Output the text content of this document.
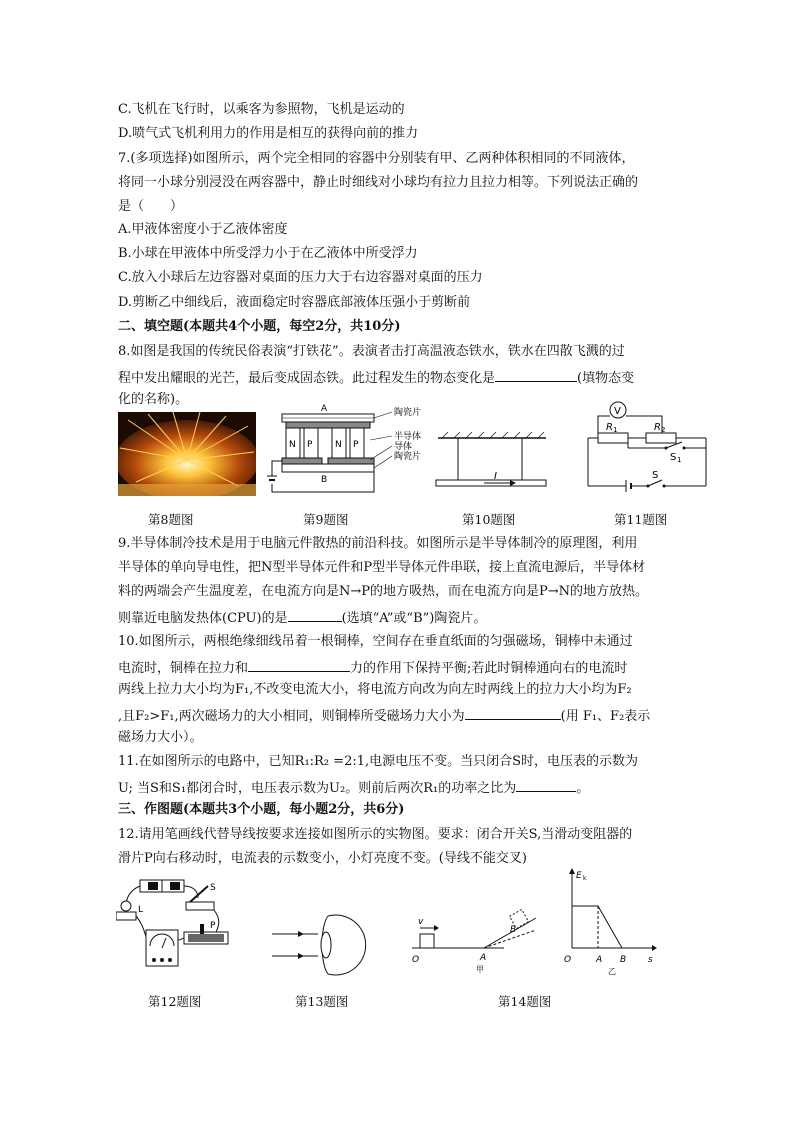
C.飞机在飞行时，以乘客为参照物，飞机是运动的
D.喷气式飞机利用力的作用是相互的获得向前的推力
7.(多项选择)如图所示，两个完全相同的容器中分别装有甲、乙两种体积相同的不同液体，
将同一小球分别浸没在两容器中，静止时细线对小球均有拉力且拉力相等。下列说法正确的
是（　　）
A.甲液体密度小于乙液体密度
B.小球在甲液体中所受浮力小于在乙液体中所受浮力
C.放入小球后左边容器对桌面的压力大于右边容器对桌面的压力
D.剪断乙中细线后，液面稳定时容器底部液体压强小于剪断前
二、填空题(本题共4个小题，每空2分，共10分)
8.如图是我国的传统民俗表演“打铁花”。表演者击打高温液态铁水，铁水在四散飞溅的过
程中发出耀眼的光芒，最后变成固态铁。此过程发生的物态变化是	(填物态变
化的名称)。
A
N P	N P
B
陶瓷片
半导体
导体
陶瓷片
I
V
R 1	R 2
S 1
S
第8题图	第9题图	第10题图	第11题图
9.半导体制冷技术是用于电脑元件散热的前沿科技。如图所示是半导体制冷的原理图，利用
半导体的单向导电性，把N型半导体元件和P型半导体元件串联，接上直流电源后，半导体材
料的两端会产生温度差，在电流方向是N→P的地方吸热，而在电流方向是P→N的地方放热。
则靠近电脑发热体(CPU)的是	(选填“A”或“B”)陶瓷片。
10.如图所示，两根绝缘细线吊着一根铜棒，空间存在垂直纸面的匀强磁场，铜棒中未通过
电流时，铜棒在拉力和	力的作用下保持平衡;若此时铜棒通向右的电流时
两线上拉力大小均为F₁,不改变电流大小，将电流方向改为向左时两线上的拉力大小均为F₂
,且F₂>F₁,两次磁场力的大小相同，则铜棒所受磁场力大小为	(用 F₁、F₂表示
磁场力大小）。
11.在如图所示的电路中，已知R₁:R₂ =2:1,电源电压不变。当只闭合S时，电压表的示数为
U; 当S和S₁都闭合时，电压表示数为U₂。则前后两次R₁的功率之比为	。
三、作图题(本题共3个小题，每小题2分，共6分)
12.请用笔画线代替导线按要求连接如图所示的实物图。要求：闭合开关S,当滑动变阻器的
滑片P向右移动时，电流表的示数变小，小灯亮度不变。(导线不能交叉)
S
L
P	v
O	A
B
甲
E k
O	A B s
乙
第12题图	第13题图	第14题图
